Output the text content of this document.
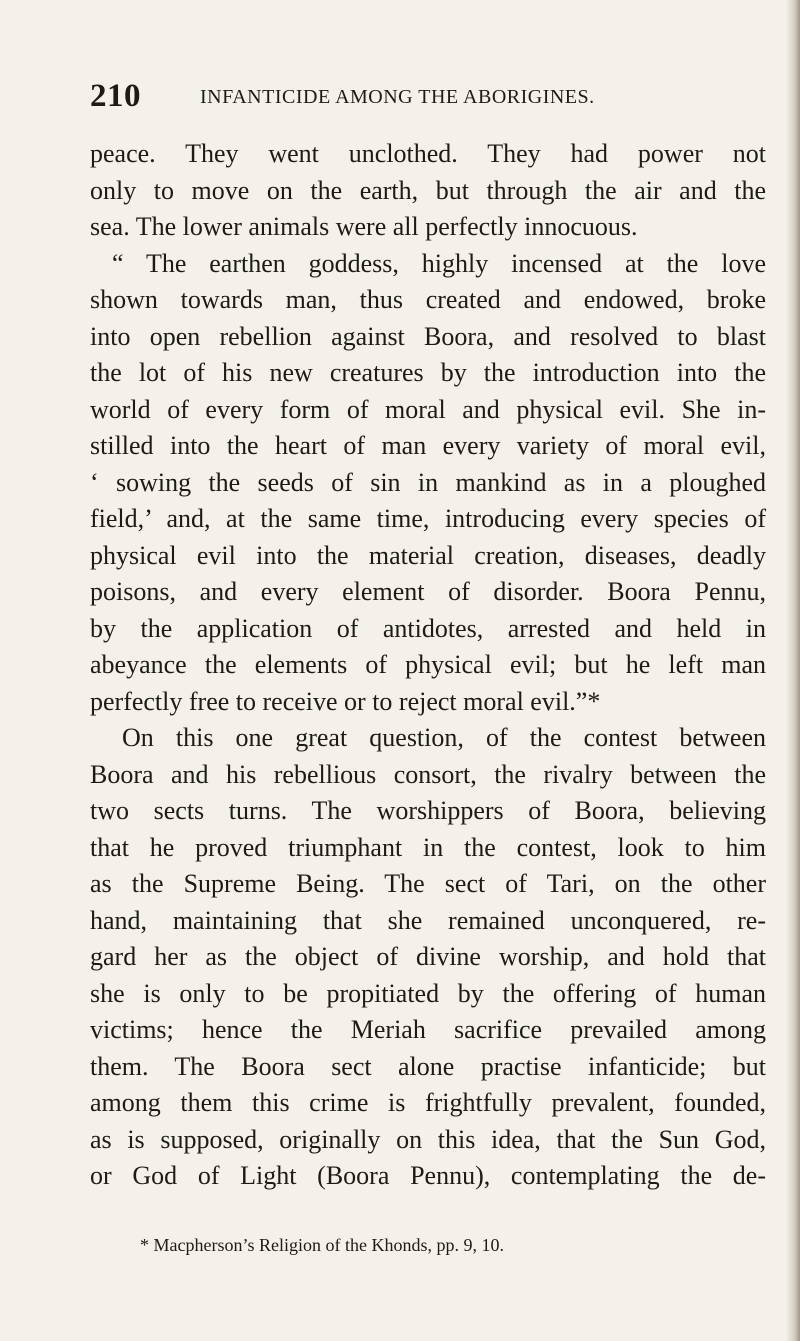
210	INFANTICIDE AMONG THE ABORIGINES.
peace. They went unclothed. They had power not
only to move on the earth, but through the air and the
sea. The lower animals were all perfectly innocuous.
“ The earthen goddess, highly incensed at the love
shown towards man, thus created and endowed, broke
into open rebellion against Boora, and resolved to blast
the lot of his new creatures by the introduction into the
world of every form of moral and physical evil. She in-
stilled into the heart of man every variety of moral evil,
‘ sowing the seeds of sin in mankind as in a ploughed
field,’ and, at the same time, introducing every species of
physical evil into the material creation, diseases, deadly
poisons, and every element of disorder. Boora Pennu,
by the application of antidotes, arrested and held in
abeyance the elements of physical evil; but he left man
perfectly free to receive or to reject moral evil.”*
On this one great question, of the contest between
Boora and his rebellious consort, the rivalry between the
two sects turns. The worshippers of Boora, believing
that he proved triumphant in the contest, look to him
as the Supreme Being. The sect of Tari, on the other
hand, maintaining that she remained unconquered, re-
gard her as the object of divine worship, and hold that
she is only to be propitiated by the offering of human
victims; hence the Meriah sacrifice prevailed among
them. The Boora sect alone practise infanticide; but
among them this crime is frightfully prevalent, founded,
as is supposed, originally on this idea, that the Sun God,
or God of Light (Boora Pennu), contemplating the de-
* Macpherson’s Religion of the Khonds, pp. 9, 10.
